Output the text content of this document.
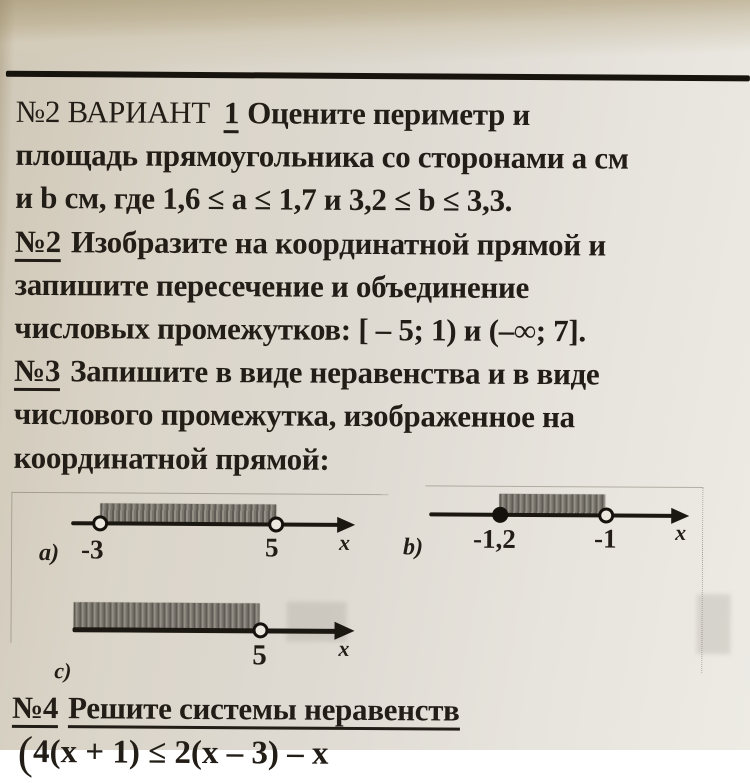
№2 ВАРИАНТ 1 Оцените периметр и
площадь прямоугольника со сторонами а см
и b см, где 1,6 ≤ а ≤ 1,7 и 3,2 ≤ b ≤ 3,3.
№2 Изобразите на координатной прямой и
запишите пересечение и объединение
числовых промежутков: [ – 5; 1) и (–∞; 7].
№3 Запишите в виде неравенства и в виде
числового промежутка, изображенное на
координатной прямой:
а) -3	5	x b) -1,2	-1	x
c)	5	x
№4 Решите системы неравенств
(4(x + 1) ≤ 2(x – 3) – x
